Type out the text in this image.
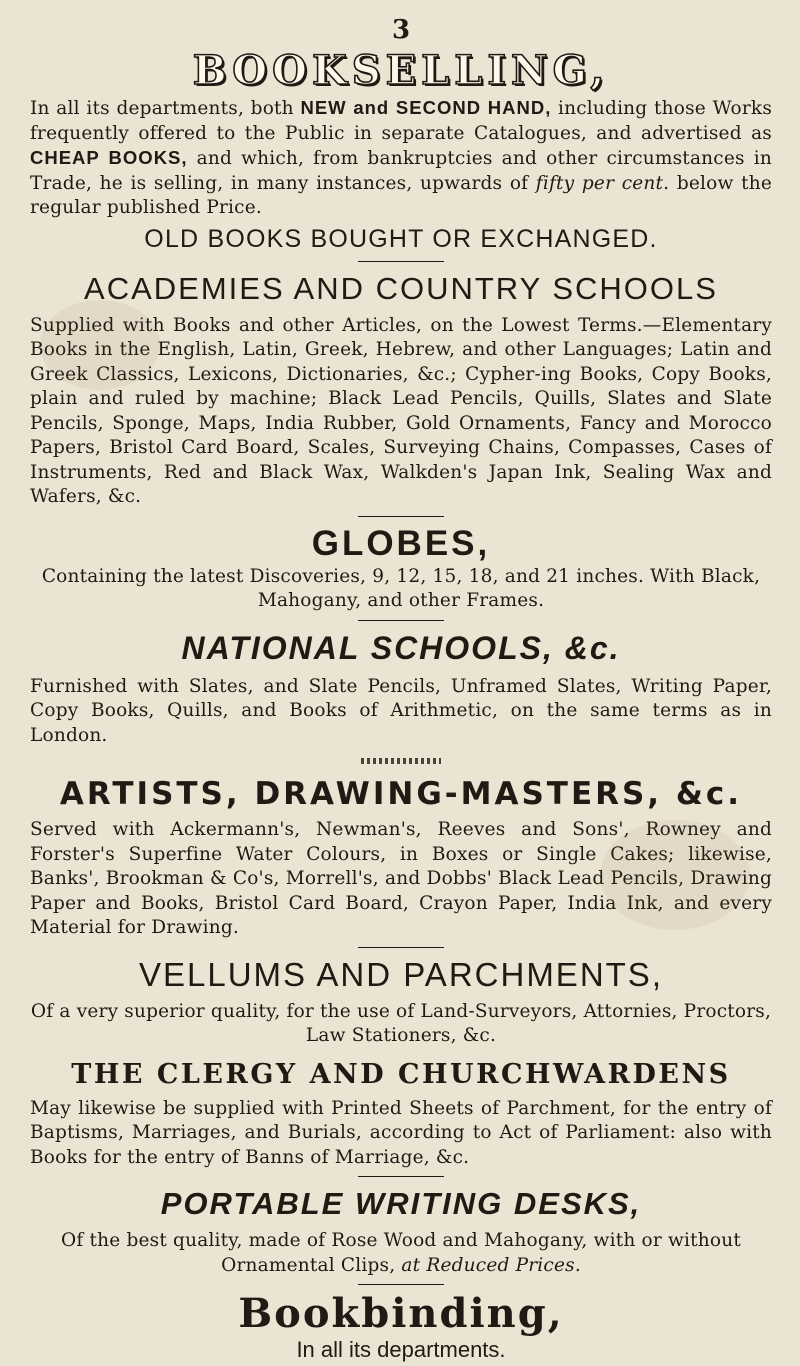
3

BOOKSELLING,

In all its departments, both NEW and SECOND HAND, including those Works frequently offered to the Public in separate Catalogues, and advertised as CHEAP BOOKS, and which, from bankruptcies and other circumstances in Trade, he is selling, in many instances, upwards of fifty per cent. below the regular published Price.

OLD BOOKS BOUGHT OR EXCHANGED.

ACADEMIES AND COUNTRY SCHOOLS

Supplied with Books and other Articles, on the Lowest Terms.—Elementary Books in the English, Latin, Greek, Hebrew, and other Languages; Latin and Greek Classics, Lexicons, Dictionaries, &c.; Cypher-ing Books, Copy Books, plain and ruled by machine; Black Lead Pencils, Quills, Slates and Slate Pencils, Sponge, Maps, India Rubber, Gold Ornaments, Fancy and Morocco Papers, Bristol Card Board, Scales, Surveying Chains, Compasses, Cases of Instruments, Red and Black Wax, Walkden's Japan Ink, Sealing Wax and Wafers, &c.

GLOBES,

Containing the latest Discoveries, 9, 12, 15, 18, and 21 inches. With Black, Mahogany, and other Frames.

NATIONAL SCHOOLS, &c.

Furnished with Slates, and Slate Pencils, Unframed Slates, Writing Paper, Copy Books, Quills, and Books of Arithmetic, on the same terms as in London.

ARTISTS, DRAWING-MASTERS, &c.

Served with Ackermann's, Newman's, Reeves and Sons', Rowney and Forster's Superfine Water Colours, in Boxes or Single Cakes; likewise, Banks', Brookman & Co's, Morrell's, and Dobbs' Black Lead Pencils, Drawing Paper and Books, Bristol Card Board, Crayon Paper, India Ink, and every Material for Drawing.

VELLUMS AND PARCHMENTS,

Of a very superior quality, for the use of Land-Surveyors, Attornies, Proctors, Law Stationers, &c.

THE CLERGY AND CHURCHWARDENS

May likewise be supplied with Printed Sheets of Parchment, for the entry of Baptisms, Marriages, and Burials, according to Act of Parliament: also with Books for the entry of Banns of Marriage, &c.

PORTABLE WRITING DESKS,

Of the best quality, made of Rose Wood and Mahogany, with or without Ornamental Clips, at Reduced Prices.

Bookbinding,

In all its departments.
